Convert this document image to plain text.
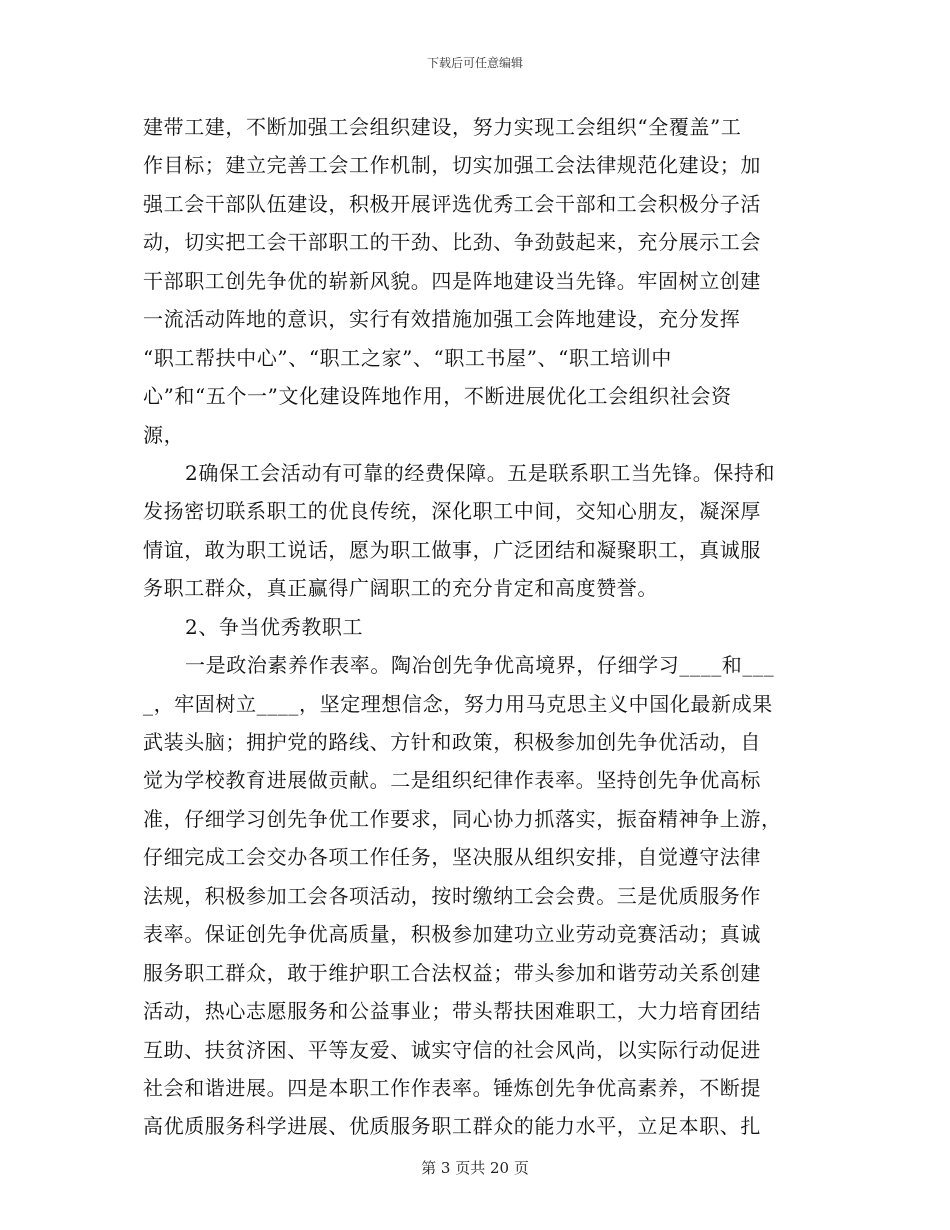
下载后可任意编辑
建带工建，不断加强工会组织建设，努力实现工会组织“全覆盖”工
作目标；建立完善工会工作机制，切实加强工会法律规范化建设；加
强工会干部队伍建设，积极开展评选优秀工会干部和工会积极分子活
动，切实把工会干部职工的干劲、比劲、争劲鼓起来，充分展示工会
干部职工创先争优的崭新风貌。四是阵地建设当先锋。牢固树立创建
一流活动阵地的意识，实行有效措施加强工会阵地建设，充分发挥
“职工帮扶中心”、“职工之家”、“职工书屋”、“职工培训中
心”和“五个一”文化建设阵地作用，不断进展优化工会组织社会资
源，
2确保工会活动有可靠的经费保障。五是联系职工当先锋。保持和
发扬密切联系职工的优良传统，深化职工中间，交知心朋友，凝深厚
情谊，敢为职工说话，愿为职工做事，广泛团结和凝聚职工，真诚服
务职工群众，真正赢得广阔职工的充分肯定和高度赞誉。
2、争当优秀教职工
一是政治素养作表率。陶冶创先争优高境界，仔细学习____和___
_，牢固树立____，坚定理想信念，努力用马克思主义中国化最新成果
武装头脑；拥护党的路线、方针和政策，积极参加创先争优活动，自
觉为学校教育进展做贡献。二是组织纪律作表率。坚持创先争优高标
准，仔细学习创先争优工作要求，同心协力抓落实，振奋精神争上游，
仔细完成工会交办各项工作任务，坚决服从组织安排，自觉遵守法律
法规，积极参加工会各项活动，按时缴纳工会会费。三是优质服务作
表率。保证创先争优高质量，积极参加建功立业劳动竞赛活动；真诚
服务职工群众，敢于维护职工合法权益；带头参加和谐劳动关系创建
活动，热心志愿服务和公益事业；带头帮扶困难职工，大力培育团结
互助、扶贫济困、平等友爱、诚实守信的社会风尚，以实际行动促进
社会和谐进展。四是本职工作作表率。锤炼创先争优高素养，不断提
高优质服务科学进展、优质服务职工群众的能力水平，立足本职、扎
第 3 页共 20 页
